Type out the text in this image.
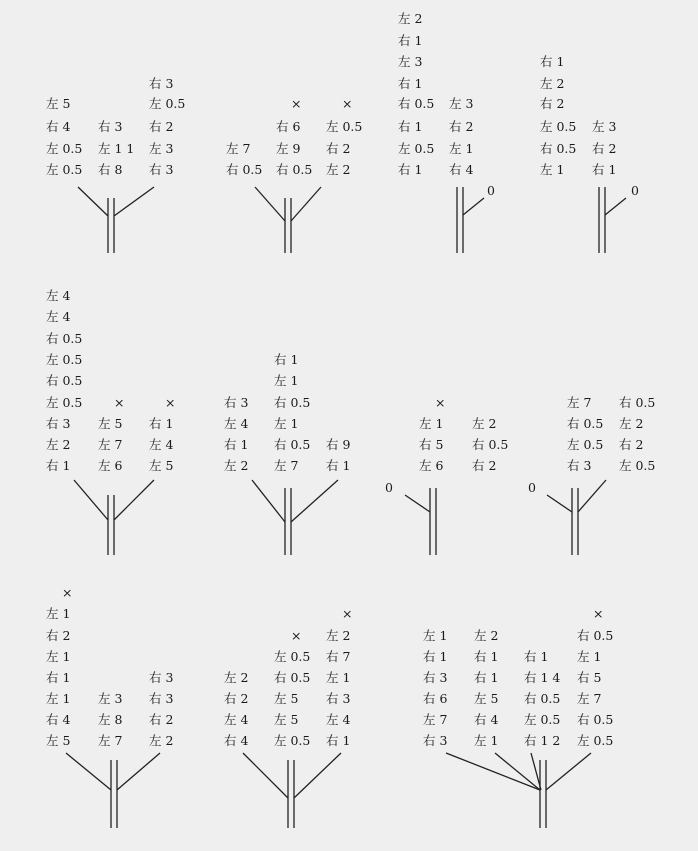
左 5
右 4
左 0.5
左 0.5
右 3
左 1 1
右 8
右 3
左 0.5
右 2
左 3
右 3
左 7
右 0.5
×
右 6
左 9
右 0.5
×
左 0.5
右 2
左 2
左 2
右 1
左 3
右 1
右 0.5
右 1
左 0.5
右 1
左 3
右 2
左 1
右 4
0
右 1
左 2
右 2
左 0.5
右 0.5
左 1
左 3
右 2
右 1
0
左 4
左 4
右 0.5
左 0.5
右 0.5
左 0.5
右 3
左 2
右 1
×
左 5
左 7
左 6
×
右 1
左 4
左 5
右 3
左 4
右 1
左 2
右 1
左 1
右 0.5
左 1
右 0.5
左 7
右 9
右 1
×
左 1
右 5
左 6
左 2
右 0.5
右 2
0
左 7
右 0.5
左 0.5
右 3
右 0.5
左 2
右 2
左 0.5
0
×
左 1
右 2
左 1
右 1
左 1
右 4
左 5
左 3
左 8
左 7
右 3
右 3
右 2
左 2
左 2
右 2
左 4
右 4
×
左 0.5
右 0.5
左 5
左 5
左 0.5
×
左 2
右 7
左 1
右 3
左 4
右 1
左 1
右 1
右 3
右 6
左 7
右 3
左 2
右 1
右 1
左 5
右 4
左 1
右 1
右 1 4
右 0.5
左 0.5
右 1 2
×
右 0.5
左 1
右 5
左 7
右 0.5
左 0.5
